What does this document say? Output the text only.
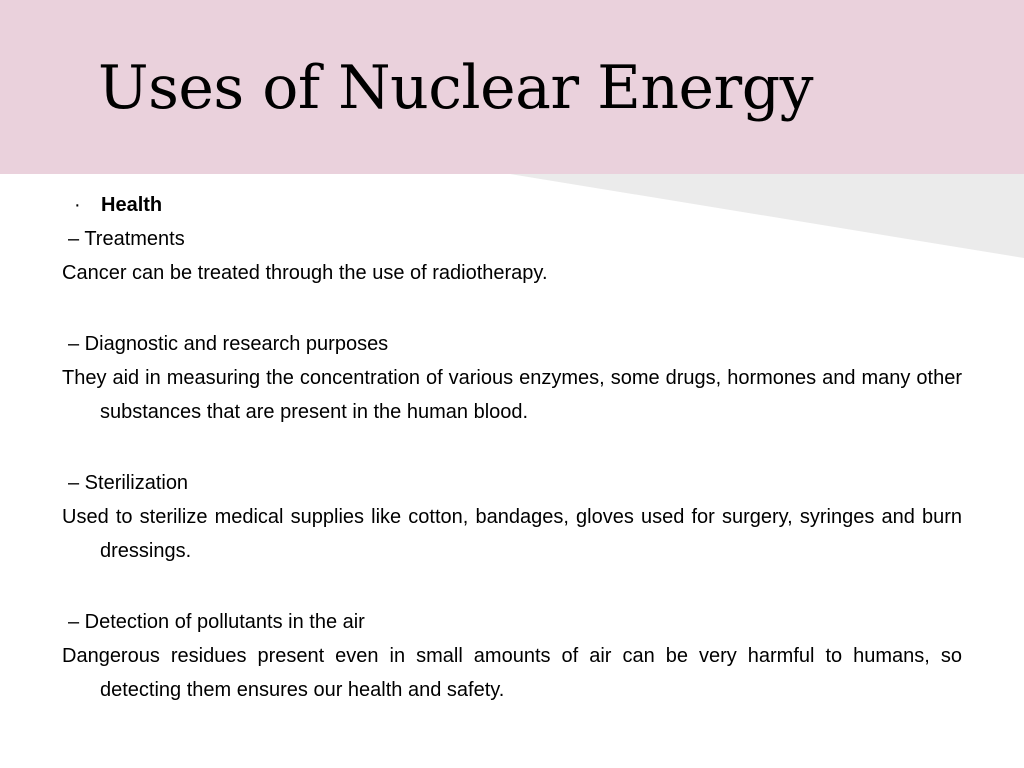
Uses of Nuclear Energy
·	Health
– Treatments
Cancer can be treated through the use of radiotherapy.
– Diagnostic and research purposes
They aid in measuring the concentration of various enzymes, some drugs, hormones and many other substances that are present in the human blood.
– Sterilization
Used to sterilize medical supplies like cotton, bandages, gloves used for surgery, syringes and burn dressings.
– Detection of pollutants in the air
Dangerous residues present even in small amounts of air can be very harmful to humans, so detecting them ensures our health and safety.
